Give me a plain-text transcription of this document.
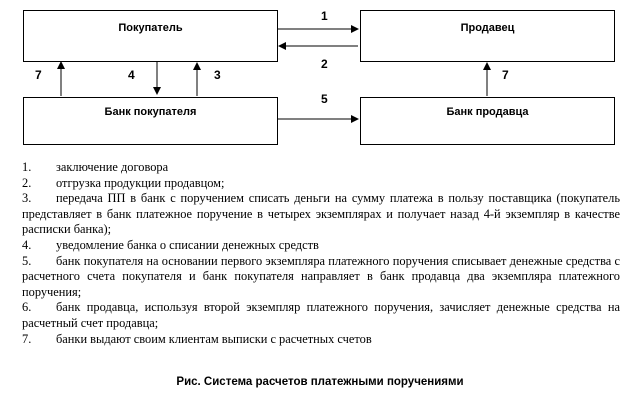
Покупатель	Продавец
Банк покупателя	Банк продавца
1
2
7	4	3	7
5
1. заключение договора
2. отгрузка продукции продавцом;
3. передача ПП в банк с поручением списать деньги на сумму платежа в пользу поставщика (покупатель представляет в банк платежное поручение в четырех экземплярах и получает назад 4-й экземпляр в качестве расписки банка);
4. уведомление банка о списании денежных средств
5. банк покупателя на основании первого экземпляра платежного поручения списывает денежные средства с расчетного счета покупателя и банк покупателя направляет в банк продавца два экземпляра платежного поручения;
6. банк продавца, используя второй экземпляр платежного поручения, зачисляет денежные средства на расчетный счет продавца;
7. банки выдают своим клиентам выписки с расчетных счетов
Рис. Система расчетов платежными поручениями
